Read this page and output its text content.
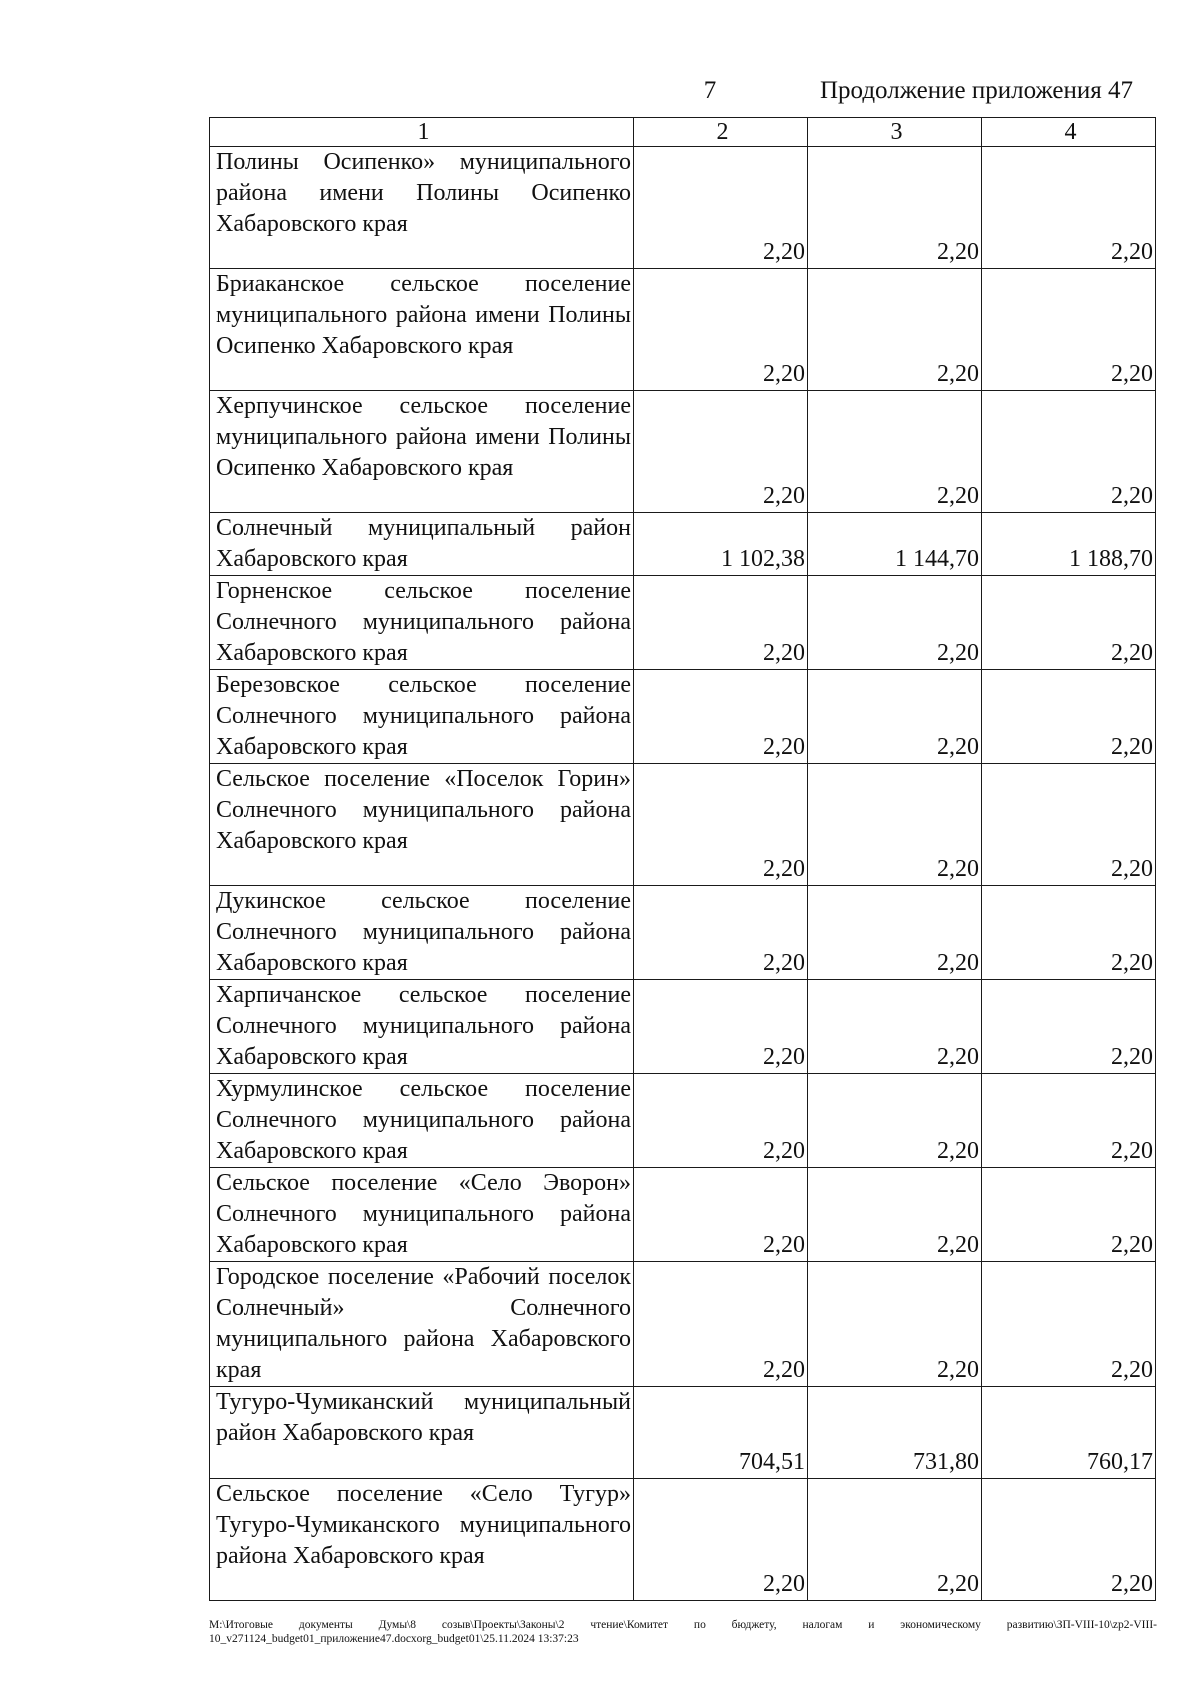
7	Продолжение приложения 47
1	2	3	4
Полины Осипенко» муниципального района имени Полины Осипенко Хабаровского края	2,20	2,20	2,20
Бриаканское сельское поселение муниципального района имени Полины Осипенко Хабаровского края	2,20	2,20	2,20
Херпучинское сельское поселение муниципального района имени Полины Осипенко Хабаровского края	2,20	2,20	2,20
Солнечный муниципальный район Хабаровского края	1 102,38	1 144,70	1 188,70
Горненское сельское поселение Солнечного муниципального района Хабаровского края	2,20	2,20	2,20
Березовское сельское поселение Солнечного муниципального района Хабаровского края	2,20	2,20	2,20
Сельское поселение «Поселок Горин» Солнечного муниципального района Хабаровского края	2,20	2,20	2,20
Дукинское сельское поселение Солнечного муниципального района Хабаровского края	2,20	2,20	2,20
Харпичанское сельское поселение Солнечного муниципального района Хабаровского края	2,20	2,20	2,20
Хурмулинское сельское поселение Солнечного муниципального района Хабаровского края	2,20	2,20	2,20
Сельское поселение «Село Эворон» Солнечного муниципального района Хабаровского края	2,20	2,20	2,20
Городское поселение «Рабочий поселок Солнечный» Солнечного муниципального района Хабаровского края	2,20	2,20	2,20
Тугуро-Чумиканский муниципальный район Хабаровского края	704,51	731,80	760,17
Сельское поселение «Село Тугур» Тугуро-Чумиканского муниципального района Хабаровского края	2,20	2,20	2,20
M:\Итоговые документы Думы\8 созыв\Проекты\Законы\2 чтение\Комитет по бюджету, налогам и экономическому развитию\ЗП-VIII-10\zp2-VIII-10_v271124_budget01_приложение47.docxorg_budget01\25.11.2024 13:37:23
